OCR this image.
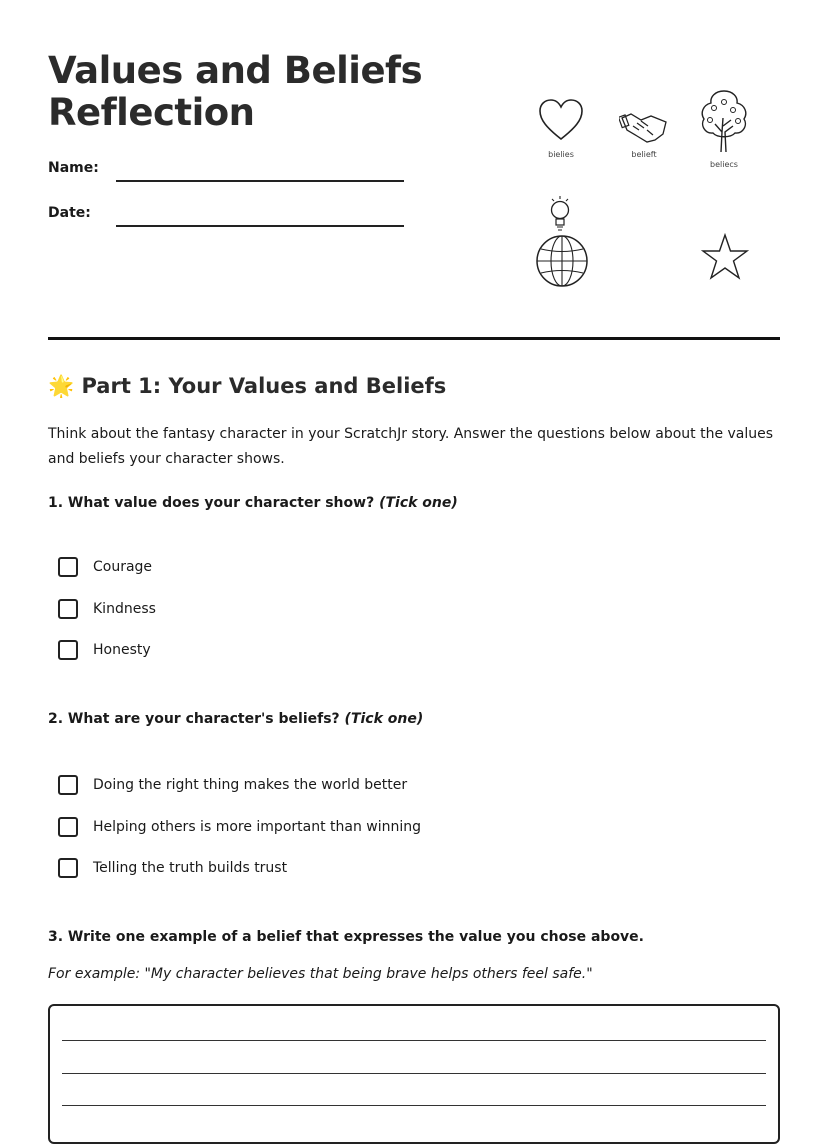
Values and Beliefs Reflection
Name:
Date:
bielies	belieft
beliecs
🌟 Part 1: Your Values and Beliefs

Think about the fantasy character in your ScratchJr story. Answer the questions below about the values and beliefs your character shows.

1. What value does your character show? (Tick one)

Courage
Kindness
Honesty

2. What are your character's beliefs? (Tick one)

Doing the right thing makes the world better
Helping others is more important than winning
Telling the truth builds trust

3. Write one example of a belief that expresses the value you chose above.

For example: "My character believes that being brave helps others feel safe."
